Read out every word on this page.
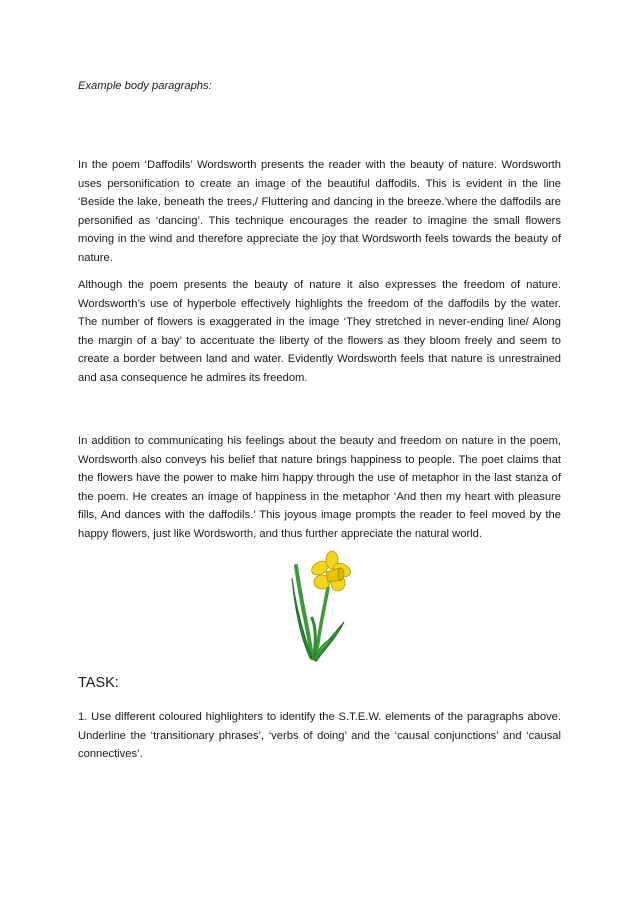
Example body paragraphs:

In the poem ‘Daffodils’ Wordsworth presents the reader with the beauty of nature. Wordsworth uses personification to create an image of the beautiful daffodils. This is evident in the line ‘Beside the lake, beneath the trees,/ Fluttering and dancing in the breeze.’where the daffodils are personified as ‘dancing’. This technique encourages the reader to imagine the small flowers moving in the wind and therefore appreciate the joy that Wordsworth feels towards the beauty of nature.

Although the poem presents the beauty of nature it also expresses the freedom of nature. Wordsworth’s use of hyperbole effectively highlights the freedom of the daffodils by the water. The number of flowers is exaggerated in the image ‘They stretched in never-ending line/ Along the margin of a bay’ to accentuate the liberty of the flowers as they bloom freely and seem to create a border between land and water. Evidently Wordsworth feels that nature is unrestrained and asa consequence he admires its freedom.

In addition to communicating his feelings about the beauty and freedom on nature in the poem, Wordsworth also conveys his belief that nature brings happiness to people. The poet claims that the flowers have the power to make him happy through the use of metaphor in the last stanza of the poem. He creates an image of happiness in the metaphor ‘And then my heart with pleasure fills, And dances with the daffodils.’ This joyous image prompts the reader to feel moved by the happy flowers, just like Wordsworth, and thus further appreciate the natural world.

TASK:

1. Use different coloured highlighters to identify the S.T.E.W. elements of the paragraphs above. Underline the ‘transitionary phrases’, ‘verbs of doing’ and the ‘causal conjunctions’ and ‘causal connectives’.
